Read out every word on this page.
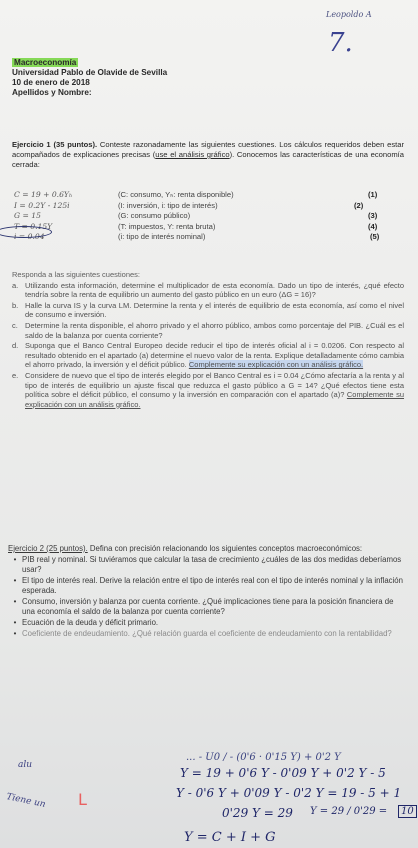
Leopoldo A
7.
Macroeconomía
Universidad Pablo de Olavide de Sevilla
10 de enero de 2018
Apellidos y Nombre:
Ejercicio 1 (35 puntos). Conteste razonadamente las siguientes cuestiones. Los cálculos requeridos deben estar acompañados de explicaciones precisas (use el análisis gráfico). Conocemos las características de una economía cerrada:
C = 19 + 0.6Yₕ	(C: consumo, Yₕ: renta disponible)	(1)
I = 0.2Y - 125i	(I: inversión, i: tipo de interés)	(2)
G = 15	(G: consumo público)	(3)
T = 0.15Y	(T: impuestos, Y: renta bruta)	(4)
i = 0.04	(i: tipo de interés nominal)	(5)
Responda a las siguientes cuestiones:
a. Utilizando esta información, determine el multiplicador de esta economía. Dado un tipo de interés, ¿qué efecto tendría sobre la renta de equilibrio un aumento del gasto público en un euro (ΔG = 16)?
b. Halle la curva IS y la curva LM. Determine la renta y el interés de equilibrio de esta economía, así como el nivel de consumo e inversión.
c. Determine la renta disponible, el ahorro privado y el ahorro público, ambos como porcentaje del PIB. ¿Cuál es el saldo de la balanza por cuenta corriente?
d. Suponga que el Banco Central Europeo decide reducir el tipo de interés oficial al i = 0.0206. Con respecto al resultado obtenido en el apartado (a) determine el nuevo valor de la renta. Explique detalladamente cómo cambia el ahorro privado, la inversión y el déficit público. Complemente su explicación con un análisis gráfico.
e. Considere de nuevo que el tipo de interés elegido por el Banco Central es i = 0.04 ¿Cómo afectaría a la renta y al tipo de interés de equilibrio un ajuste fiscal que reduzca el gasto público a G = 14? ¿Qué efectos tiene esta política sobre el déficit público, el consumo y la inversión en comparación con el apartado (a)? Complemente su explicación con un análisis gráfico.
Ejercicio 2 (25 puntos). Defina con precisión relacionando los siguientes conceptos macroeconómicos:
• PIB real y nominal. Si tuviéramos que calcular la tasa de crecimiento ¿cuáles de las dos medidas deberíamos usar?
• El tipo de interés real. Derive la relación entre el tipo de interés real con el tipo de interés nominal y la inflación esperada.
• Consumo, inversión y balanza por cuenta corriente. ¿Qué implicaciones tiene para la posición financiera de una economía el saldo de la balanza por cuenta corriente?
• Ecuación de la deuda y déficit primario.
• Coeficiente de endeudamiento. ¿Qué relación guarda el coeficiente de endeudamiento con la rentabilidad?
alu
L
Tiene un
... - U0 / - (0'6 · 0'15 Y) + 0'2 Y
Y = 19 + 0'6 Y - 0'09 Y + 0'2 Y - 5
Y - 0'6 Y + 0'09 Y - 0'2 Y = 19 - 5 + 1
0'29 Y = 29 Y = 29 / 0'29 =	10
Y = C + I + G
